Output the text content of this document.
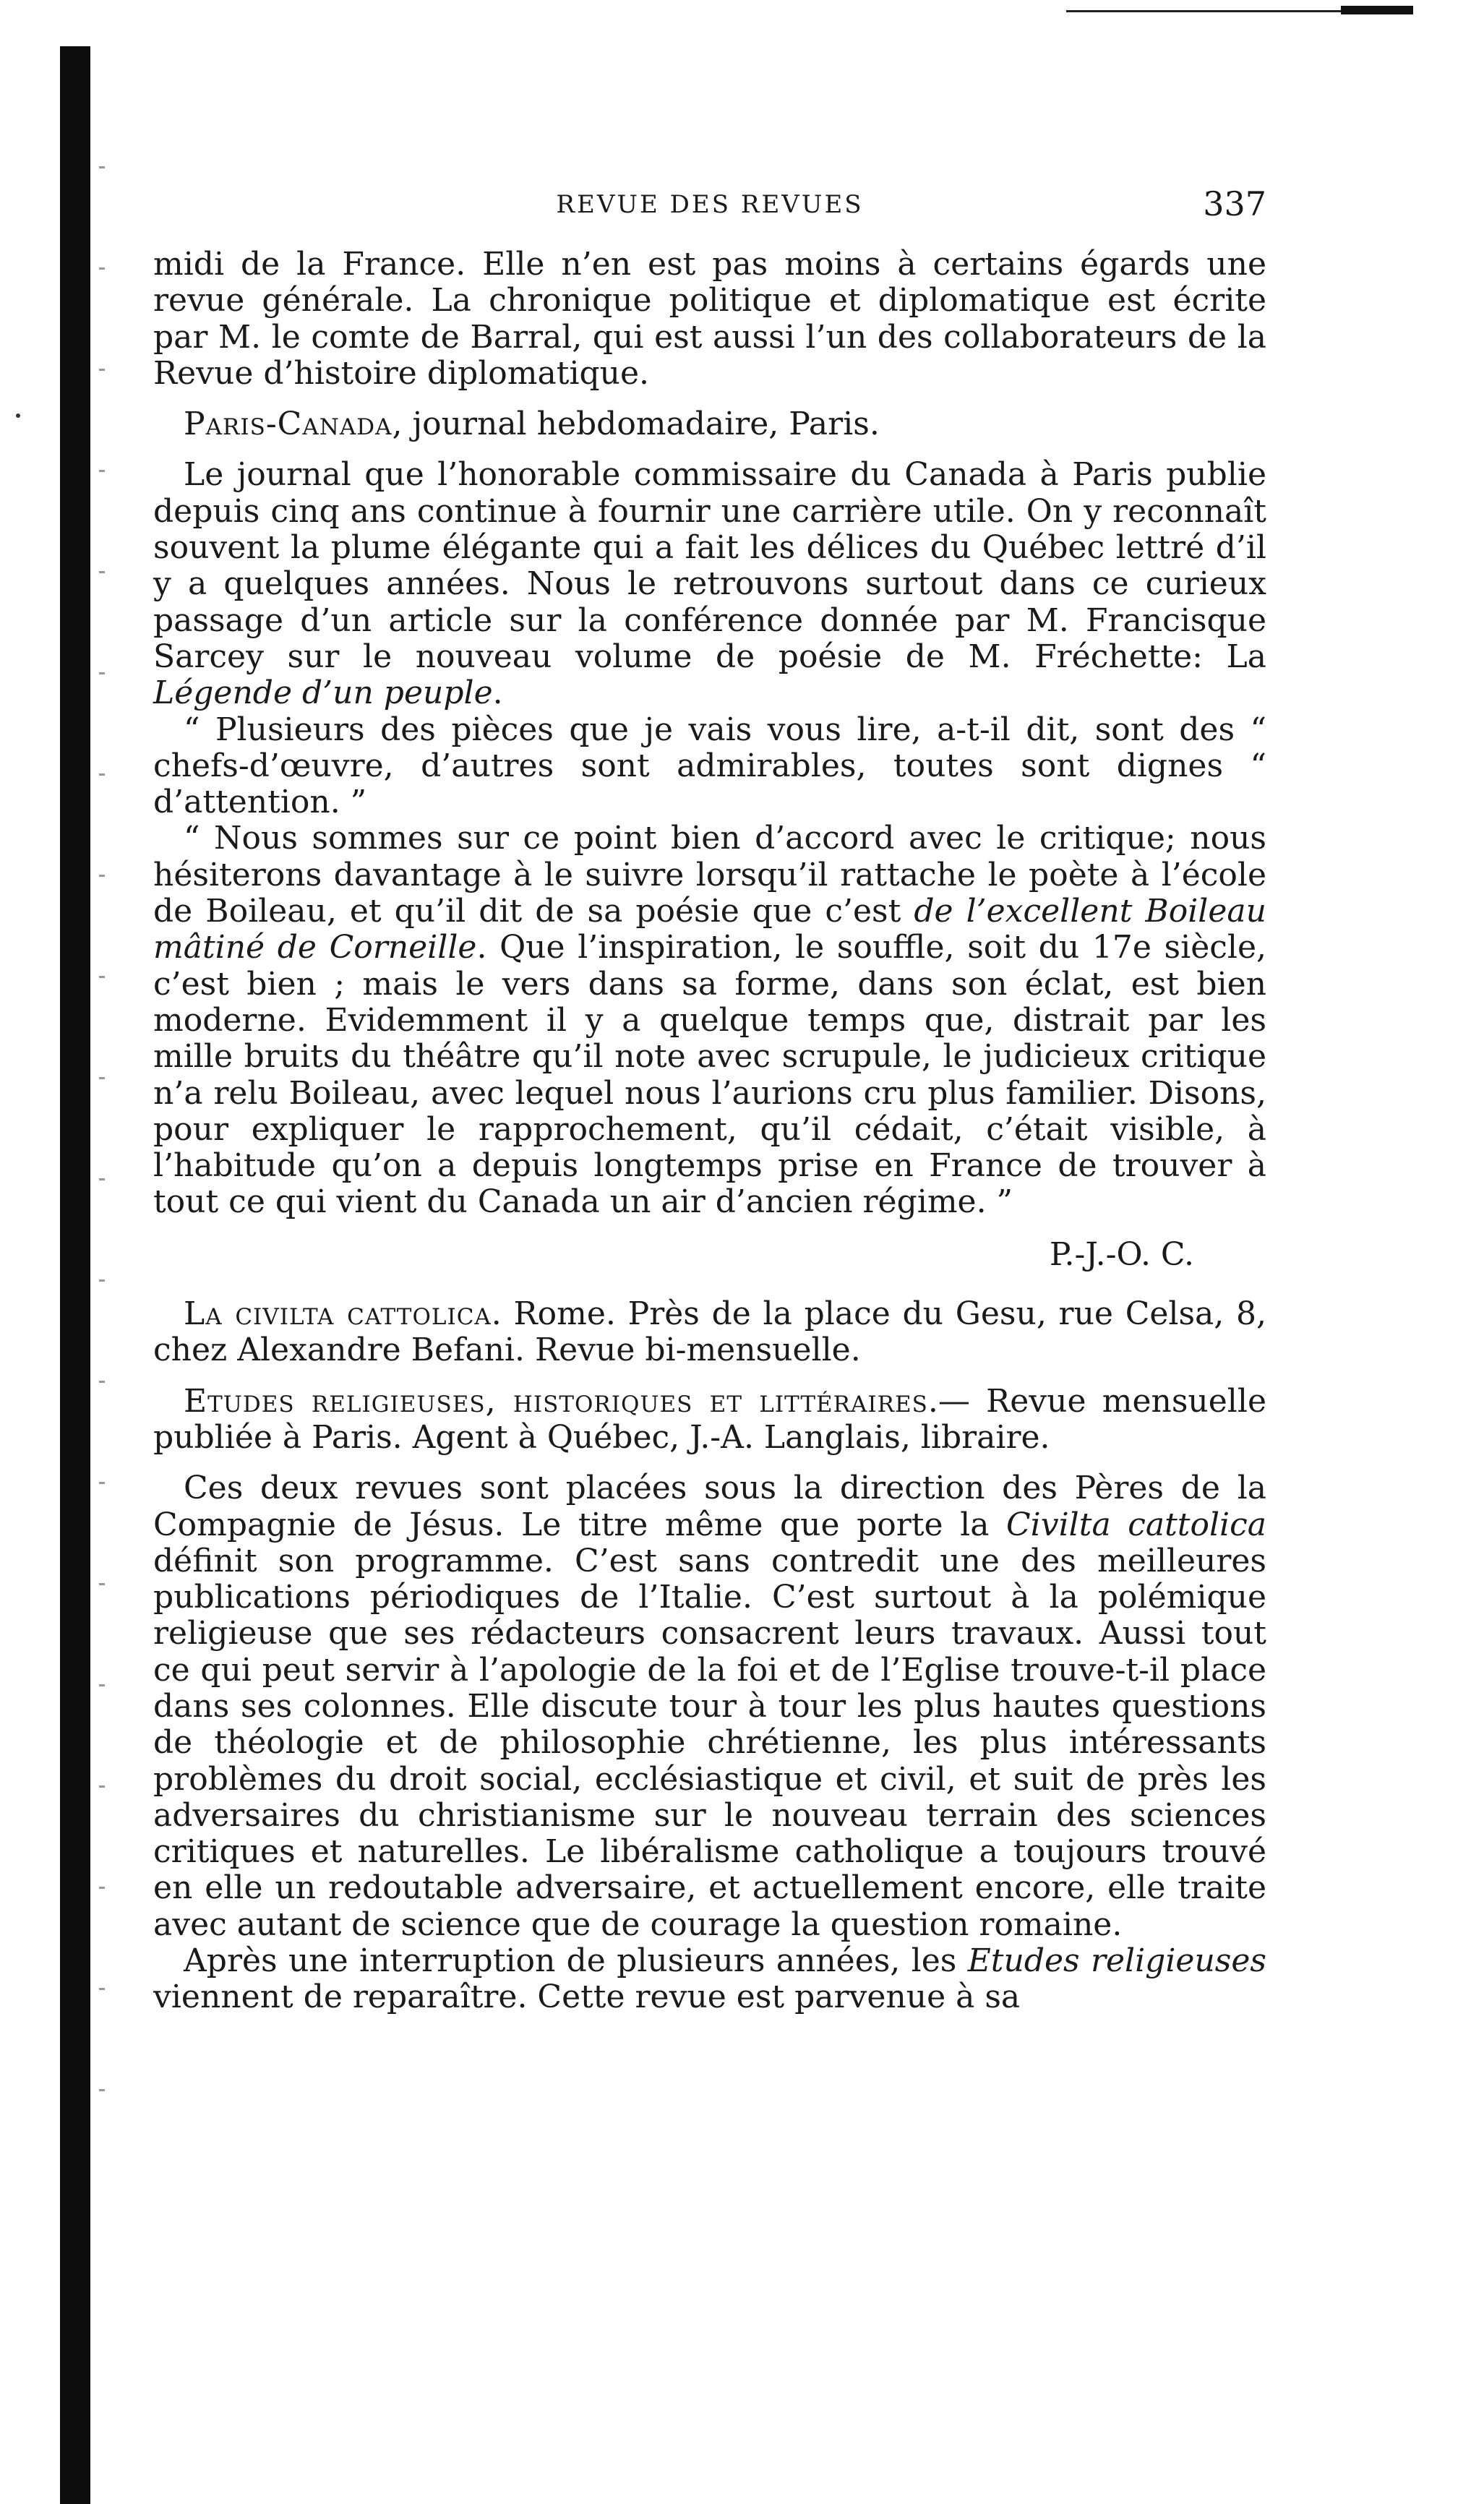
REVUE DES REVUES	337

midi de la France. Elle n’en est pas moins à certains égards une revue générale. La chronique politique et diplomatique est écrite par M. le comte de Barral, qui est aussi l’un des collaborateurs de la Revue d’histoire diplomatique.

Paris-Canada, journal hebdomadaire, Paris.

Le journal que l’honorable commissaire du Canada à Paris publie depuis cinq ans continue à fournir une carrière utile. On y reconnaît souvent la plume élégante qui a fait les délices du Québec lettré d’il y a quelques années. Nous le retrouvons surtout dans ce curieux passage d’un article sur la conférence donnée par M. Francisque Sarcey sur le nouveau volume de poésie de M. Fréchette: La Légende d’un peuple.

“ Plusieurs des pièces que je vais vous lire, a-t-il dit, sont des “ chefs-d’œuvre, d’autres sont admirables, toutes sont dignes “ d’attention. ”

“ Nous sommes sur ce point bien d’accord avec le critique; nous hésiterons davantage à le suivre lorsqu’il rattache le poète à l’école de Boileau, et qu’il dit de sa poésie que c’est de l’excellent Boileau mâtiné de Corneille. Que l’inspiration, le souffle, soit du 17e siècle, c’est bien ; mais le vers dans sa forme, dans son éclat, est bien moderne. Evidemment il y a quelque temps que, distrait par les mille bruits du théâtre qu’il note avec scrupule, le judicieux critique n’a relu Boileau, avec lequel nous l’aurions cru plus familier. Disons, pour expliquer le rapprochement, qu’il cédait, c’était visible, à l’habitude qu’on a depuis longtemps prise en France de trouver à tout ce qui vient du Canada un air d’ancien régime. ”

P.-J.-O. C.

La civilta cattolica. Rome. Près de la place du Gesu, rue Celsa, 8, chez Alexandre Befani. Revue bi-mensuelle.

Etudes religieuses, historiques et littéraires.— Revue mensuelle publiée à Paris. Agent à Québec, J.-A. Langlais, libraire.

Ces deux revues sont placées sous la direction des Pères de la Compagnie de Jésus. Le titre même que porte la Civilta cattolica définit son programme. C’est sans contredit une des meilleures publications périodiques de l’Italie. C’est surtout à la polémique religieuse que ses rédacteurs consacrent leurs travaux. Aussi tout ce qui peut servir à l’apologie de la foi et de l’Eglise trouve-t-il place dans ses colonnes. Elle discute tour à tour les plus hautes questions de théologie et de philosophie chrétienne, les plus intéressants problèmes du droit social, ecclésiastique et civil, et suit de près les adversaires du christianisme sur le nouveau terrain des sciences critiques et naturelles. Le libéralisme catholique a toujours trouvé en elle un redoutable adversaire, et actuellement encore, elle traite avec autant de science que de courage la question romaine.

Après une interruption de plusieurs années, les Etudes religieuses viennent de reparaître. Cette revue est parvenue à sa
